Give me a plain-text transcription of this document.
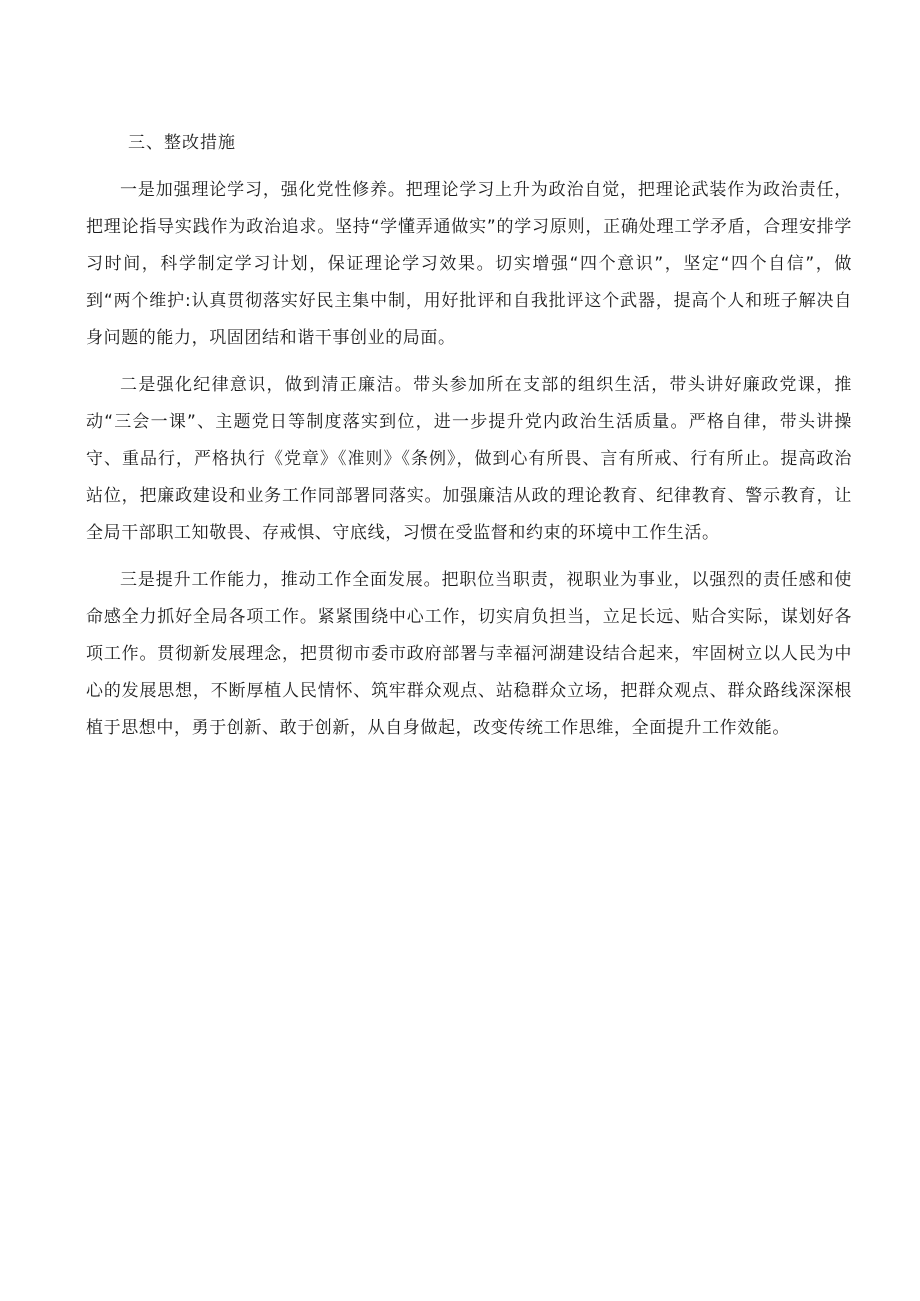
三、整改措施

一是加强理论学习，强化党性修养。把理论学习上升为政治自觉，把理论武装作为政治责任，把理论指导实践作为政治追求。坚持“学懂弄通做实”的学习原则，正确处理工学矛盾，合理安排学习时间，科学制定学习计划，保证理论学习效果。切实增强“四个意识”，坚定“四个自信”，做到“两个维护:认真贯彻落实好民主集中制，用好批评和自我批评这个武器，提高个人和班子解决自身问题的能力，巩固团结和谐干事创业的局面。

二是强化纪律意识，做到清正廉洁。带头参加所在支部的组织生活，带头讲好廉政党课，推动“三会一课”、主题党日等制度落实到位，进一步提升党内政治生活质量。严格自律，带头讲操守、重品行，严格执行《党章》《准则》《条例》，做到心有所畏、言有所戒、行有所止。提高政治站位，把廉政建设和业务工作同部署同落实。加强廉洁从政的理论教育、纪律教育、警示教育，让全局干部职工知敬畏、存戒惧、守底线，习惯在受监督和约束的环境中工作生活。

三是提升工作能力，推动工作全面发展。把职位当职责，视职业为事业，以强烈的责任感和使命感全力抓好全局各项工作。紧紧围绕中心工作，切实肩负担当，立足长远、贴合实际，谋划好各项工作。贯彻新发展理念，把贯彻市委市政府部署与幸福河湖建设结合起来，牢固树立以人民为中心的发展思想，不断厚植人民情怀、筑牢群众观点、站稳群众立场，把群众观点、群众路线深深根植于思想中，勇于创新、敢于创新，从自身做起，改变传统工作思维，全面提升工作效能。
